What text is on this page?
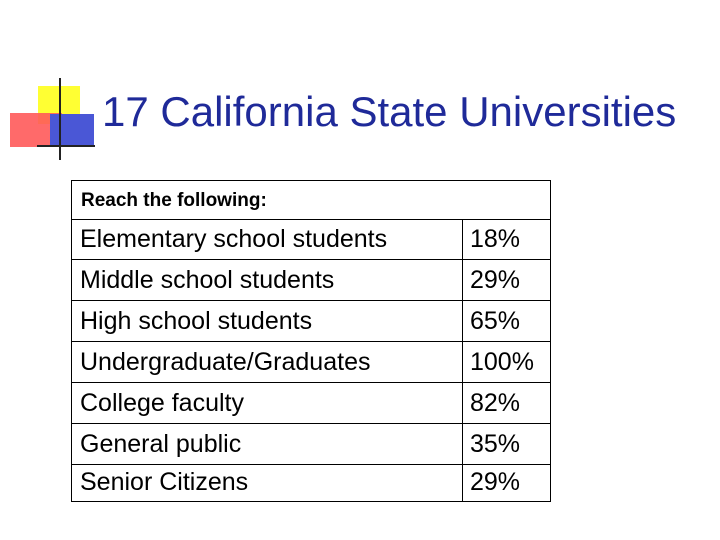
17 California State Universities
Reach the following:
Elementary school students	18%
Middle school students	29%
High school students	65%
Undergraduate/Graduates	100%
College faculty	82%
General public	35%
Senior Citizens	29%
